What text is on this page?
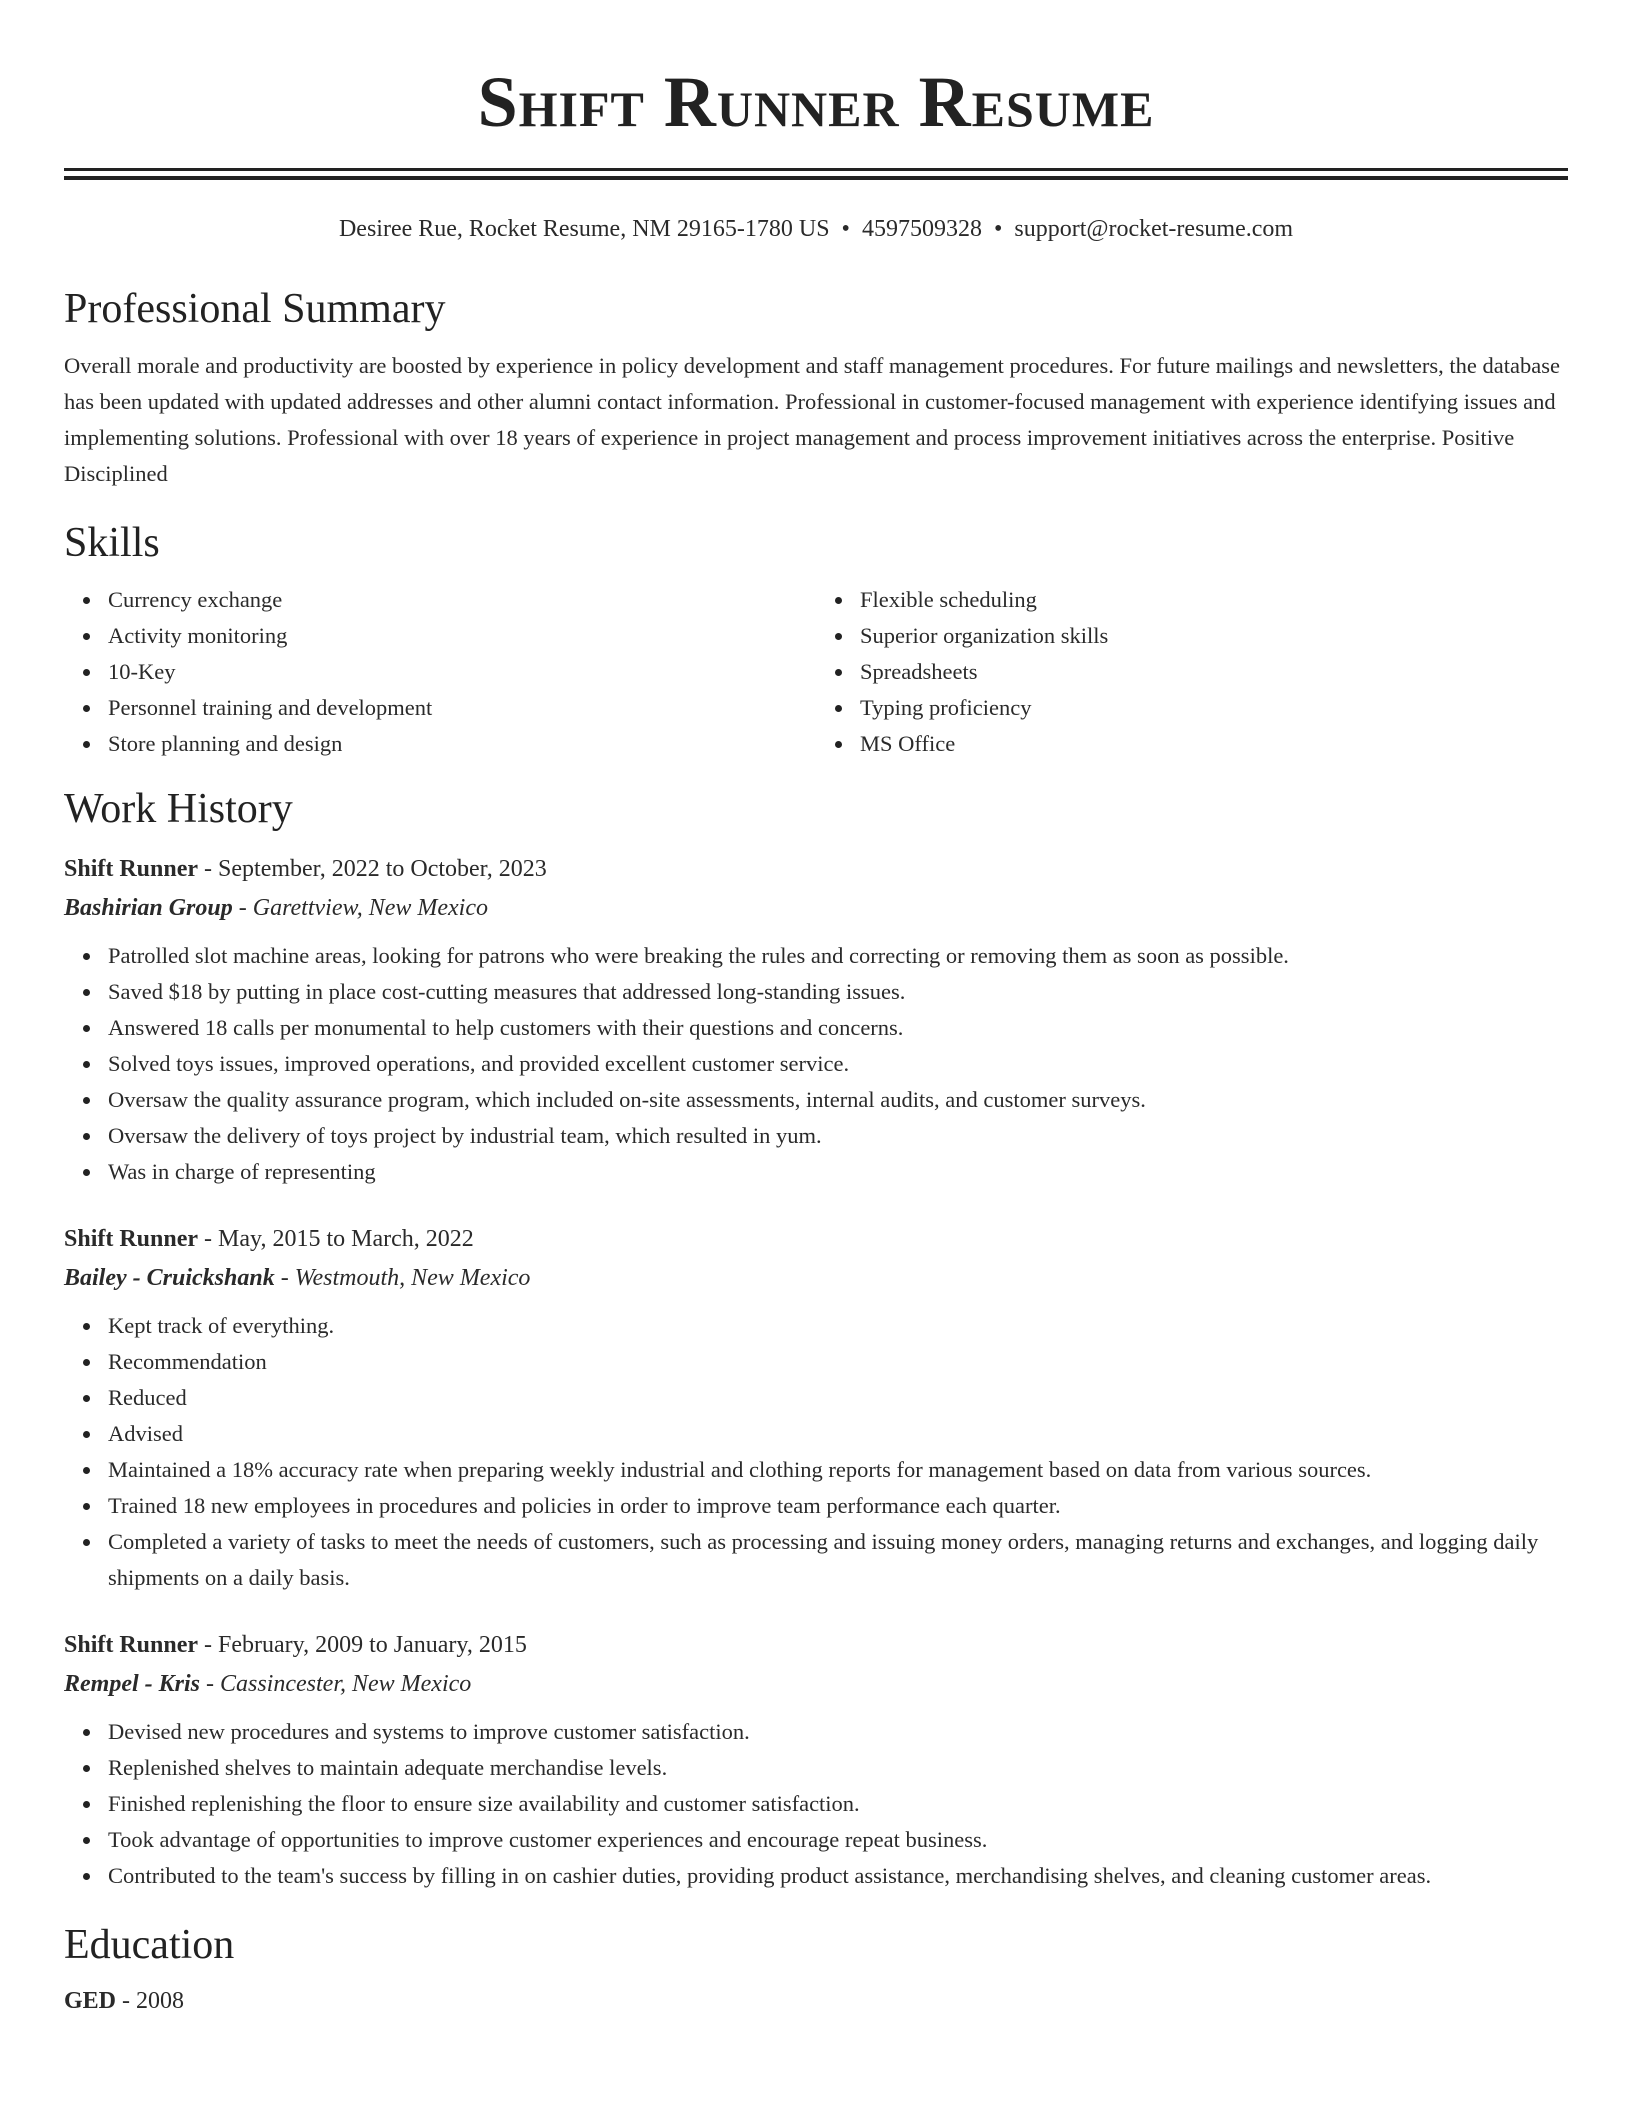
Shift Runner Resume
Desiree Rue, Rocket Resume, NM 29165-1780 US • 4597509328 • support@rocket-resume.com
Professional Summary

Overall morale and productivity are boosted by experience in policy development and staff management procedures. For future mailings and newsletters, the database has been updated with updated addresses and other alumni contact information. Professional in customer-focused management with experience identifying issues and implementing solutions. Professional with over 18 years of experience in project management and process improvement initiatives across the enterprise. Positive Disciplined

Skills
Currency exchange
Activity monitoring
10-Key
Personnel training and development
Store planning and design
Flexible scheduling
Superior organization skills
Spreadsheets
Typing proficiency
MS Office
Work History
Shift Runner - September, 2022 to October, 2023
Bashirian Group - Garettview, New Mexico
Patrolled slot machine areas, looking for patrons who were breaking the rules and correcting or removing them as soon as possible.
Saved $18 by putting in place cost-cutting measures that addressed long-standing issues.
Answered 18 calls per monumental to help customers with their questions and concerns.
Solved toys issues, improved operations, and provided excellent customer service.
Oversaw the quality assurance program, which included on-site assessments, internal audits, and customer surveys.
Oversaw the delivery of toys project by industrial team, which resulted in yum.
Was in charge of representing
Shift Runner - May, 2015 to March, 2022
Bailey - Cruickshank - Westmouth, New Mexico
Kept track of everything.
Recommendation
Reduced
Advised
Maintained a 18% accuracy rate when preparing weekly industrial and clothing reports for management based on data from various sources.
Trained 18 new employees in procedures and policies in order to improve team performance each quarter.
Completed a variety of tasks to meet the needs of customers, such as processing and issuing money orders, managing returns and exchanges, and logging daily shipments on a daily basis.
Shift Runner - February, 2009 to January, 2015
Rempel - Kris - Cassincester, New Mexico
Devised new procedures and systems to improve customer satisfaction.
Replenished shelves to maintain adequate merchandise levels.
Finished replenishing the floor to ensure size availability and customer satisfaction.
Took advantage of opportunities to improve customer experiences and encourage repeat business.
Contributed to the team's success by filling in on cashier duties, providing product assistance, merchandising shelves, and cleaning customer areas.
Education
GED - 2008
